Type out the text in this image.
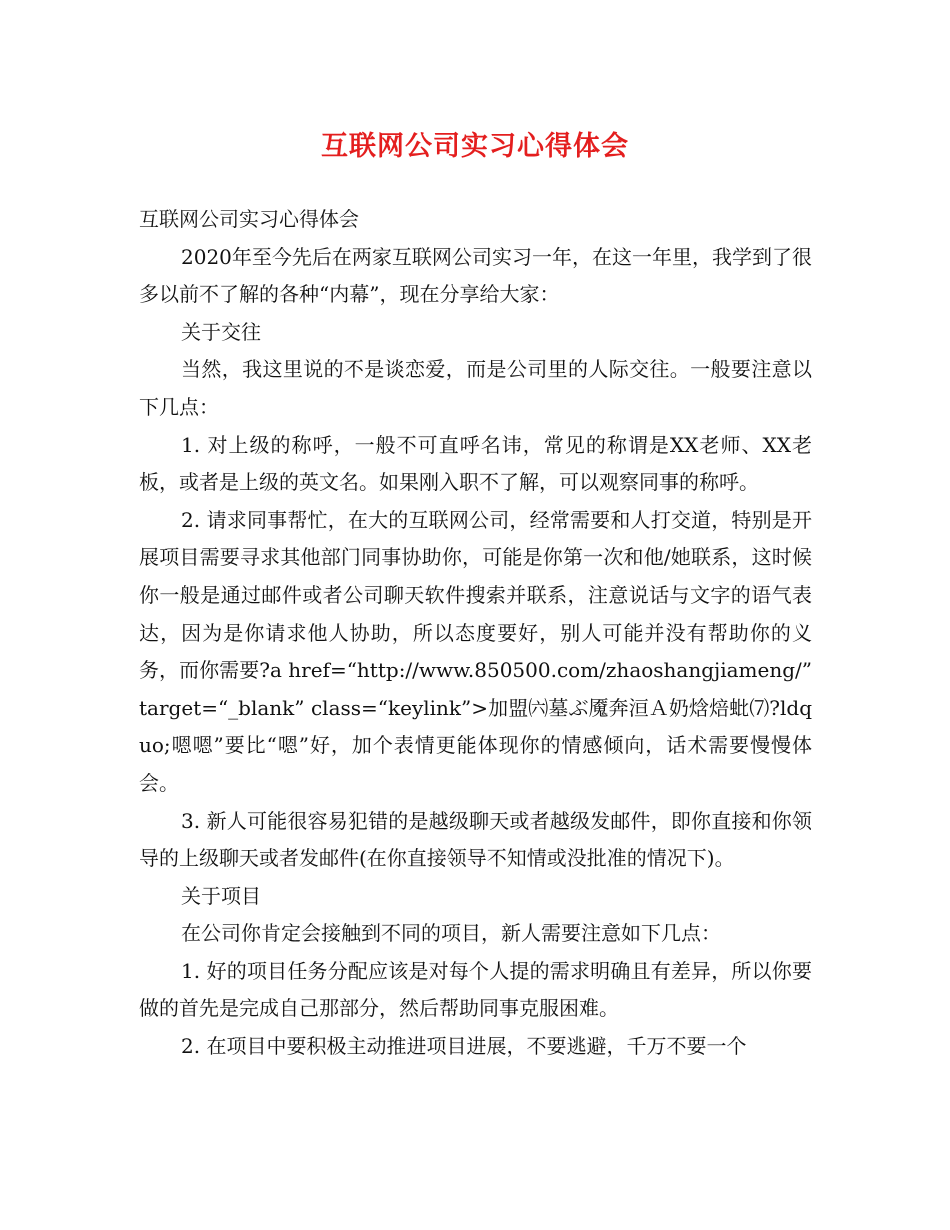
互联网公司实习心得体会

互联网公司实习心得体会

2020年至今先后在两家互联网公司实习一年，在这一年里，我学到了很多以前不了解的各种“内幕”，现在分享给大家：

关于交往

当然，我这里说的不是谈恋爱，而是公司里的人际交往。一般要注意以下几点：

1. 对上级的称呼，一般不可直呼名讳，常见的称谓是XX老师、XX老板，或者是上级的英文名。如果刚入职不了解，可以观察同事的称呼。

2. 请求同事帮忙，在大的互联网公司，经常需要和人打交道，特别是开展项目需要寻求其他部门同事协助你，可能是你第一次和他/她联系，这时候你一般是通过邮件或者公司聊天软件搜索并联系，注意说话与文字的语气表达，因为是你请求他人协助，所以态度要好，别人可能并没有帮助你的义务，而你需要?a href=“http://www.850500.com/zhaoshangjiameng/” target=“_blank” class=“keylink”>加盟㈥墓ぶ魇奔洹Ａ奶焓焙蚍⑺?ldquo;嗯嗯”要比“嗯”好，加个表情更能体现你的情感倾向，话术需要慢慢体会。

3. 新人可能很容易犯错的是越级聊天或者越级发邮件，即你直接和你领导的上级聊天或者发邮件(在你直接领导不知情或没批准的情况下)。

关于项目

在公司你肯定会接触到不同的项目，新人需要注意如下几点：

1. 好的项目任务分配应该是对每个人提的需求明确且有差异，所以你要做的首先是完成自己那部分，然后帮助同事克服困难。

2. 在项目中要积极主动推进项目进展，不要逃避，千万不要一个
